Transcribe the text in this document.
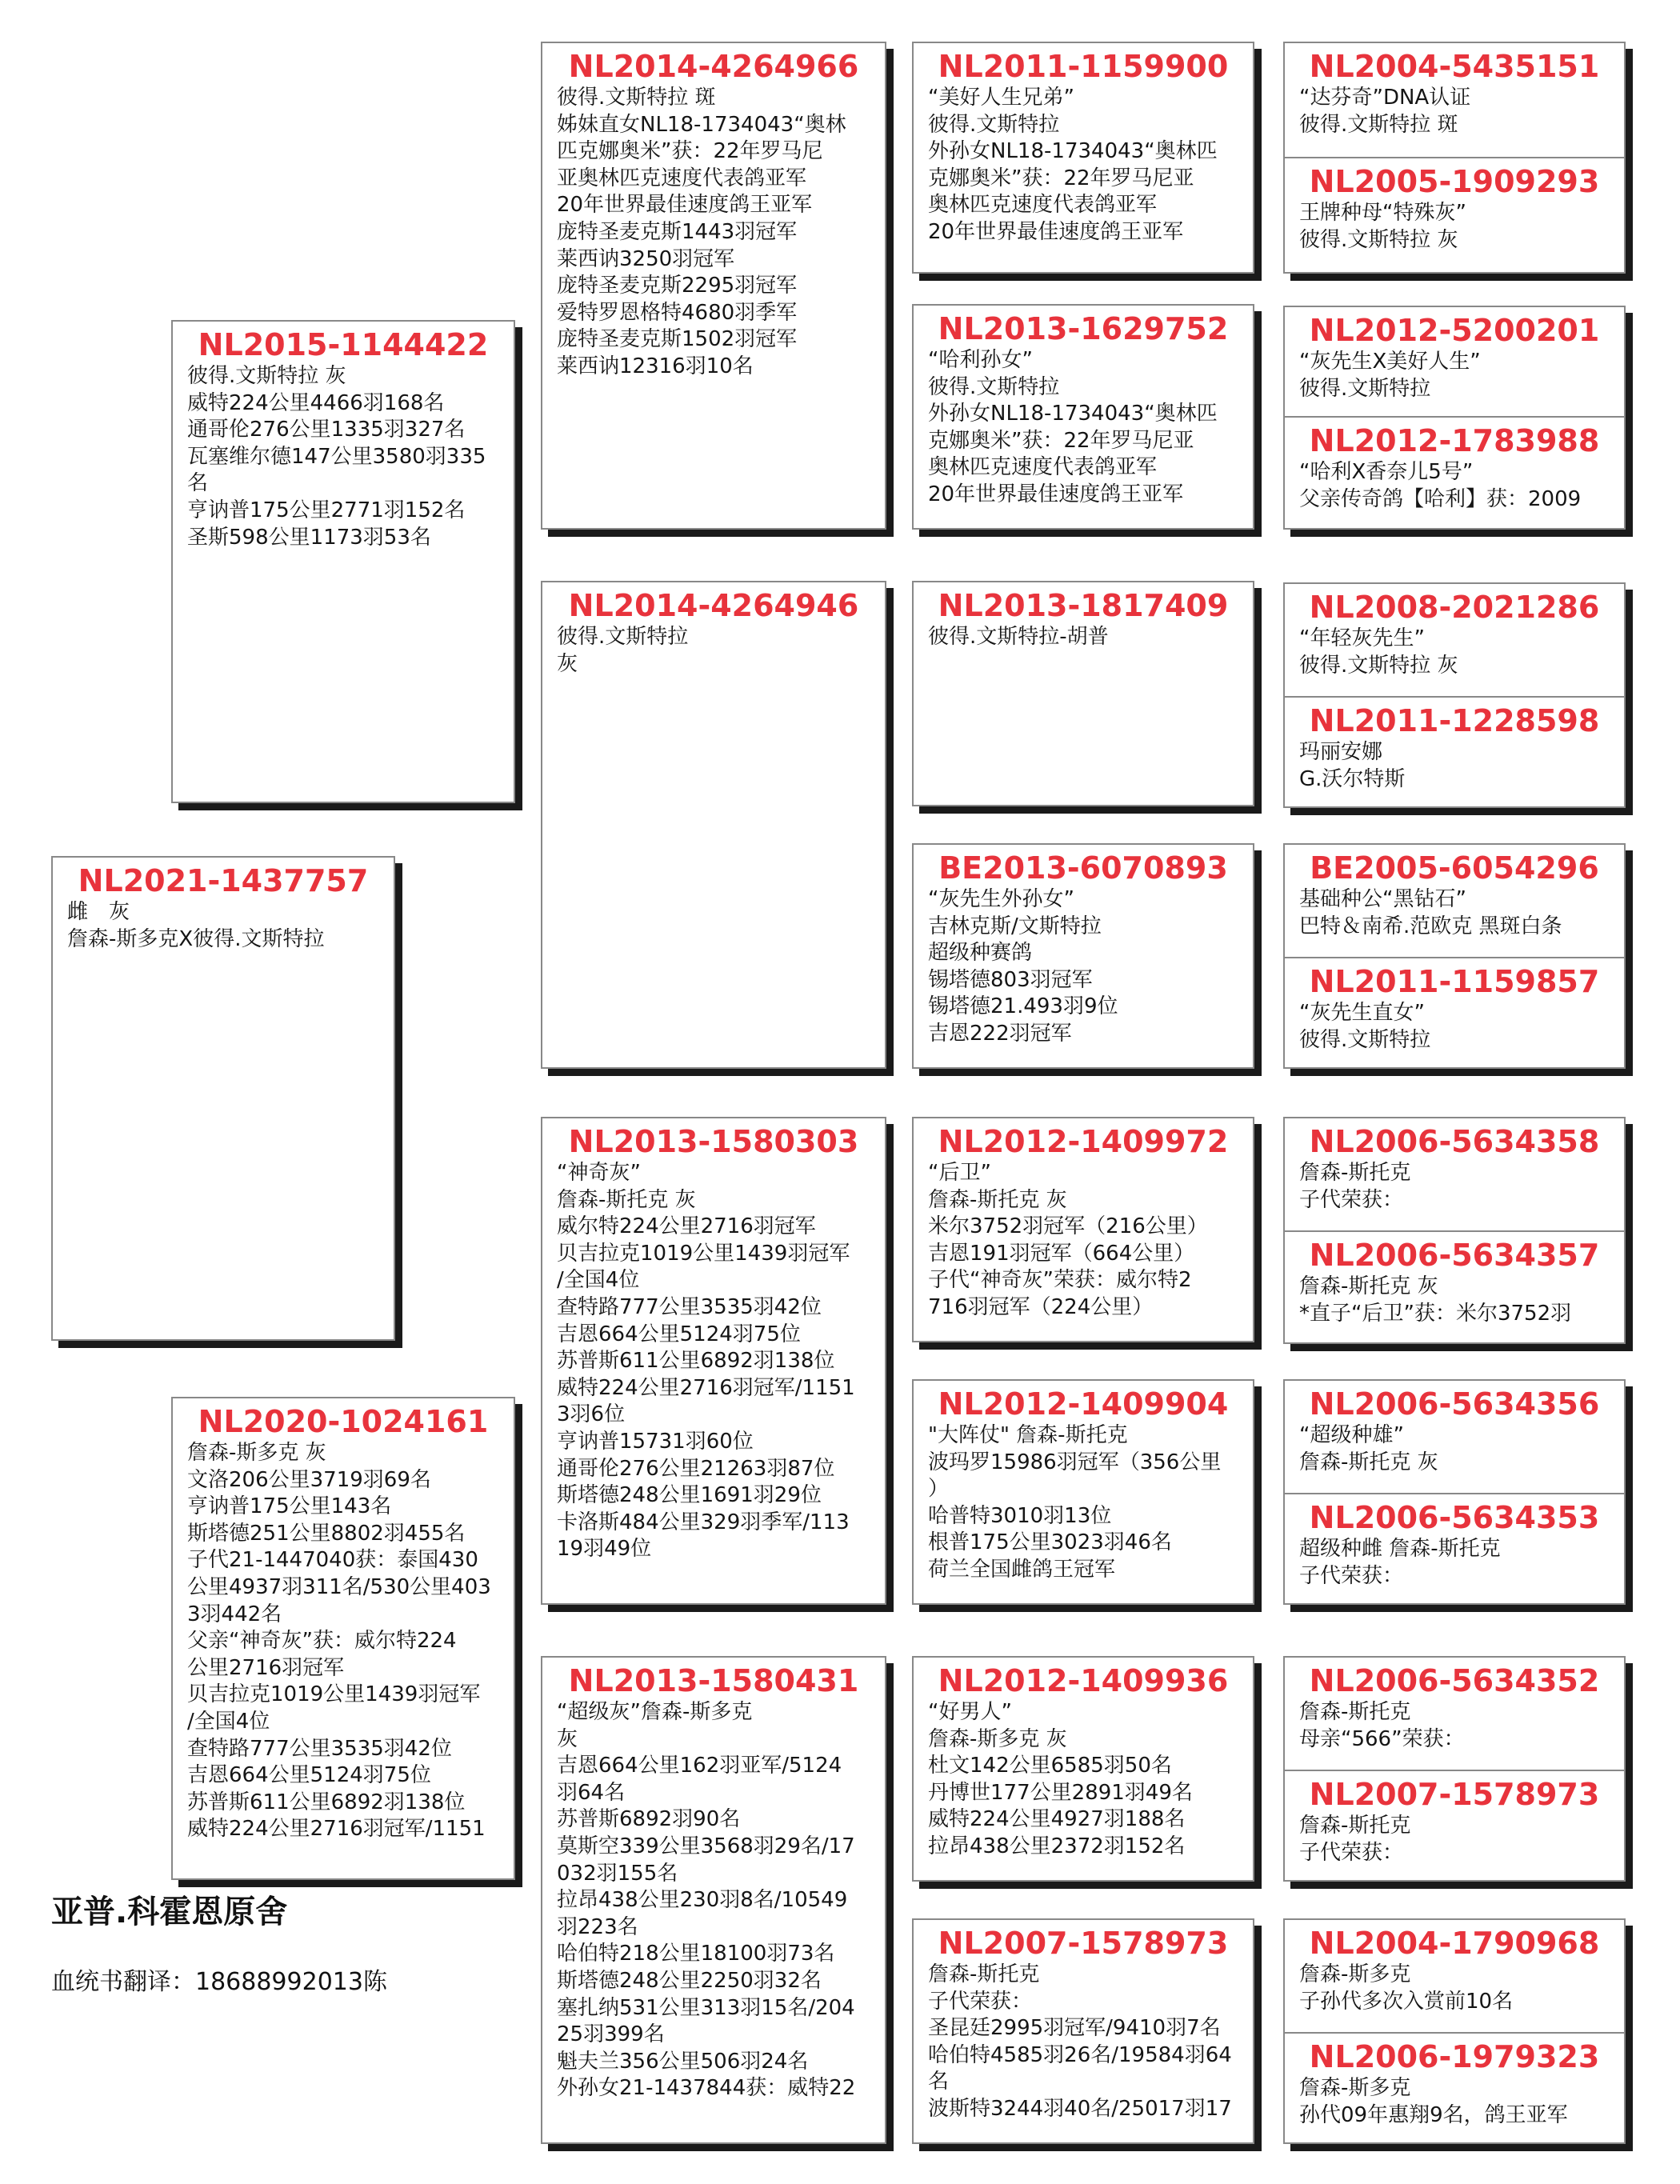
NL2021-1437757
雌　灰
詹森-斯多克X彼得.文斯特拉
NL2015-1144422
彼得.文斯特拉 灰
威特224公里4466羽168名
通哥伦276公里1335羽327名
瓦塞维尔德147公里3580羽335
名
亨讷普175公里2771羽152名
圣斯598公里1173羽53名
NL2020-1024161
詹森-斯多克 灰
文洛206公里3719羽69名
亨讷普175公里143名
斯塔德251公里8802羽455名
子代21-1447040获：泰国430
公里4937羽311名/530公里403
3羽442名
父亲“神奇灰”获：威尔特224
公里2716羽冠军
贝吉拉克1019公里1439羽冠军
/全国4位
查特路777公里3535羽42位
吉恩664公里5124羽75位
苏普斯611公里6892羽138位
威特224公里2716羽冠军/1151
NL2014-4264966
彼得.文斯特拉 斑
姊妹直女NL18-1734043“奥林
匹克娜奥米”获：22年罗马尼
亚奥林匹克速度代表鸽亚军
20年世界最佳速度鸽王亚军
庞特圣麦克斯1443羽冠军
莱西讷3250羽冠军
庞特圣麦克斯2295羽冠军
爱特罗恩格特4680羽季军
庞特圣麦克斯1502羽冠军
莱西讷12316羽10名
NL2014-4264946
彼得.文斯特拉
灰
NL2013-1580303
“神奇灰”
詹森-斯托克 灰
威尔特224公里2716羽冠军
贝吉拉克1019公里1439羽冠军
/全国4位
查特路777公里3535羽42位
吉恩664公里5124羽75位
苏普斯611公里6892羽138位
威特224公里2716羽冠军/1151
3羽6位
亨讷普15731羽60位
通哥伦276公里21263羽87位
斯塔德248公里1691羽29位
卡洛斯484公里329羽季军/113
19羽49位
NL2013-1580431
“超级灰”詹森-斯多克
灰
吉恩664公里162羽亚军/5124
羽64名
苏普斯6892羽90名
莫斯空339公里3568羽29名/17
032羽155名
拉昂438公里230羽8名/10549
羽223名
哈伯特218公里18100羽73名
斯塔德248公里2250羽32名
塞扎纳531公里313羽15名/204
25羽399名
魁夫兰356公里506羽24名
外孙女21-1437844获：威特22
NL2011-1159900
“美好人生兄弟”
彼得.文斯特拉
外孙女NL18-1734043“奥林匹
克娜奥米”获：22年罗马尼亚
奥林匹克速度代表鸽亚军
20年世界最佳速度鸽王亚军
NL2013-1629752
“哈利孙女”
彼得.文斯特拉
外孙女NL18-1734043“奥林匹
克娜奥米”获：22年罗马尼亚
奥林匹克速度代表鸽亚军
20年世界最佳速度鸽王亚军
NL2013-1817409
彼得.文斯特拉-胡普
BE2013-6070893
“灰先生外孙女”
吉林克斯/文斯特拉
超级种赛鸽
锡塔德803羽冠军
锡塔德21.493羽9位
吉恩222羽冠军
NL2012-1409972
“后卫”
詹森-斯托克 灰
米尔3752羽冠军（216公里）
吉恩191羽冠军（664公里）
子代“神奇灰”荣获：威尔特2
716羽冠军（224公里）
NL2012-1409904
"大阵仗" 詹森-斯托克
波玛罗15986羽冠军（356公里
）
哈普特3010羽13位
根普175公里3023羽46名
荷兰全国雌鸽王冠军
NL2012-1409936
“好男人”
詹森-斯多克 灰
杜文142公里6585羽50名
丹博世177公里2891羽49名
威特224公里4927羽188名
拉昂438公里2372羽152名
NL2007-1578973
詹森-斯托克
子代荣获：
圣昆廷2995羽冠军/9410羽7名
哈伯特4585羽26名/19584羽64
名
波斯特3244羽40名/25017羽17
NL2004-5435151
“达芬奇”DNA认证
彼得.文斯特拉 斑
NL2005-1909293
王牌种母“特殊灰”
彼得.文斯特拉 灰
NL2012-5200201
“灰先生X美好人生”
彼得.文斯特拉
NL2012-1783988
“哈利X香奈儿5号”
父亲传奇鸽【哈利】获：2009
NL2008-2021286
“年轻灰先生”
彼得.文斯特拉 灰
NL2011-1228598
玛丽安娜
G.沃尔特斯
BE2005-6054296
基础种公“黑钻石”
巴特＆南希.范欧克 黑斑白条
NL2011-1159857
“灰先生直女”
彼得.文斯特拉
NL2006-5634358
詹森-斯托克
子代荣获：
NL2006-5634357
詹森-斯托克 灰
*直子“后卫”获：米尔3752羽
NL2006-5634356
“超级种雄”
詹森-斯托克 灰
NL2006-5634353
超级种雌 詹森-斯托克
子代荣获：
NL2006-5634352
詹森-斯托克
母亲“566”荣获：
NL2007-1578973
詹森-斯托克
子代荣获：
NL2004-1790968
詹森-斯多克
子孙代多次入赏前10名
NL2006-1979323
詹森-斯多克
孙代09年惠翔9名，鸽王亚军
亚普.科霍恩原舍
血统书翻译：18688992013陈
